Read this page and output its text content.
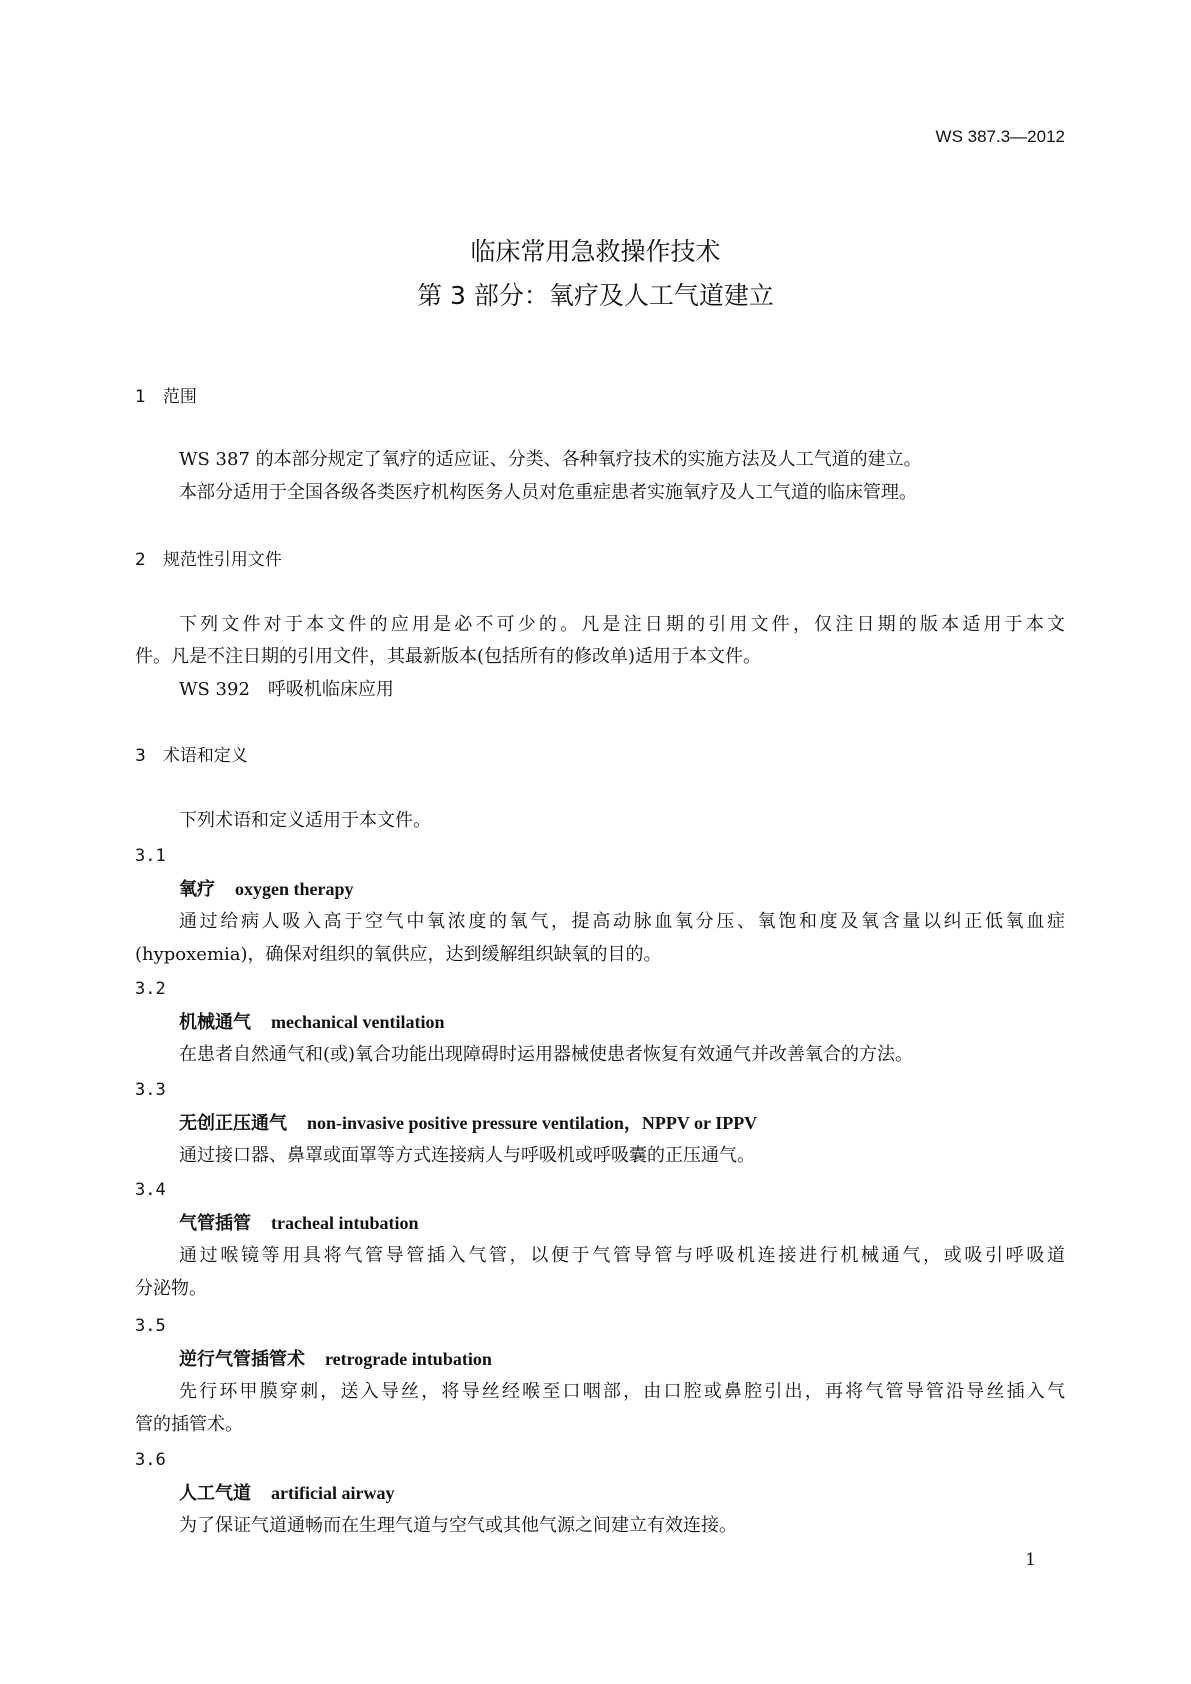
WS 387.3—2012
临床常用急救操作技术
第 3 部分：氧疗及人工气道建立
1　范围
WS 387 的本部分规定了氧疗的适应证、分类、各种氧疗技术的实施方法及人工气道的建立。
本部分适用于全国各级各类医疗机构医务人员对危重症患者实施氧疗及人工气道的临床管理。
2　规范性引用文件
下列文件对于本文件的应用是必不可少的。凡是注日期的引用文件，仅注日期的版本适用于本文
件。凡是不注日期的引用文件，其最新版本(包括所有的修改单)适用于本文件。
WS 392　呼吸机临床应用
3　术语和定义
下列术语和定义适用于本文件。
3.1
氧疗 oxygen therapy
通过给病人吸入高于空气中氧浓度的氧气，提高动脉血氧分压、氧饱和度及氧含量以纠正低氧血症
(hypoxemia)，确保对组织的氧供应，达到缓解组织缺氧的目的。
3.2
机械通气 mechanical ventilation
在患者自然通气和(或)氧合功能出现障碍时运用器械使患者恢复有效通气并改善氧合的方法。
3.3
无创正压通气 non-invasive positive pressure ventilation，NPPV or IPPV
通过接口器、鼻罩或面罩等方式连接病人与呼吸机或呼吸囊的正压通气。
3.4
气管插管 tracheal intubation
通过喉镜等用具将气管导管插入气管，以便于气管导管与呼吸机连接进行机械通气，或吸引呼吸道
分泌物。
3.5
逆行气管插管术 retrograde intubation
先行环甲膜穿刺，送入导丝，将导丝经喉至口咽部，由口腔或鼻腔引出，再将气管导管沿导丝插入气
管的插管术。
3.6
人工气道 artificial airway
为了保证气道通畅而在生理气道与空气或其他气源之间建立有效连接。
1
